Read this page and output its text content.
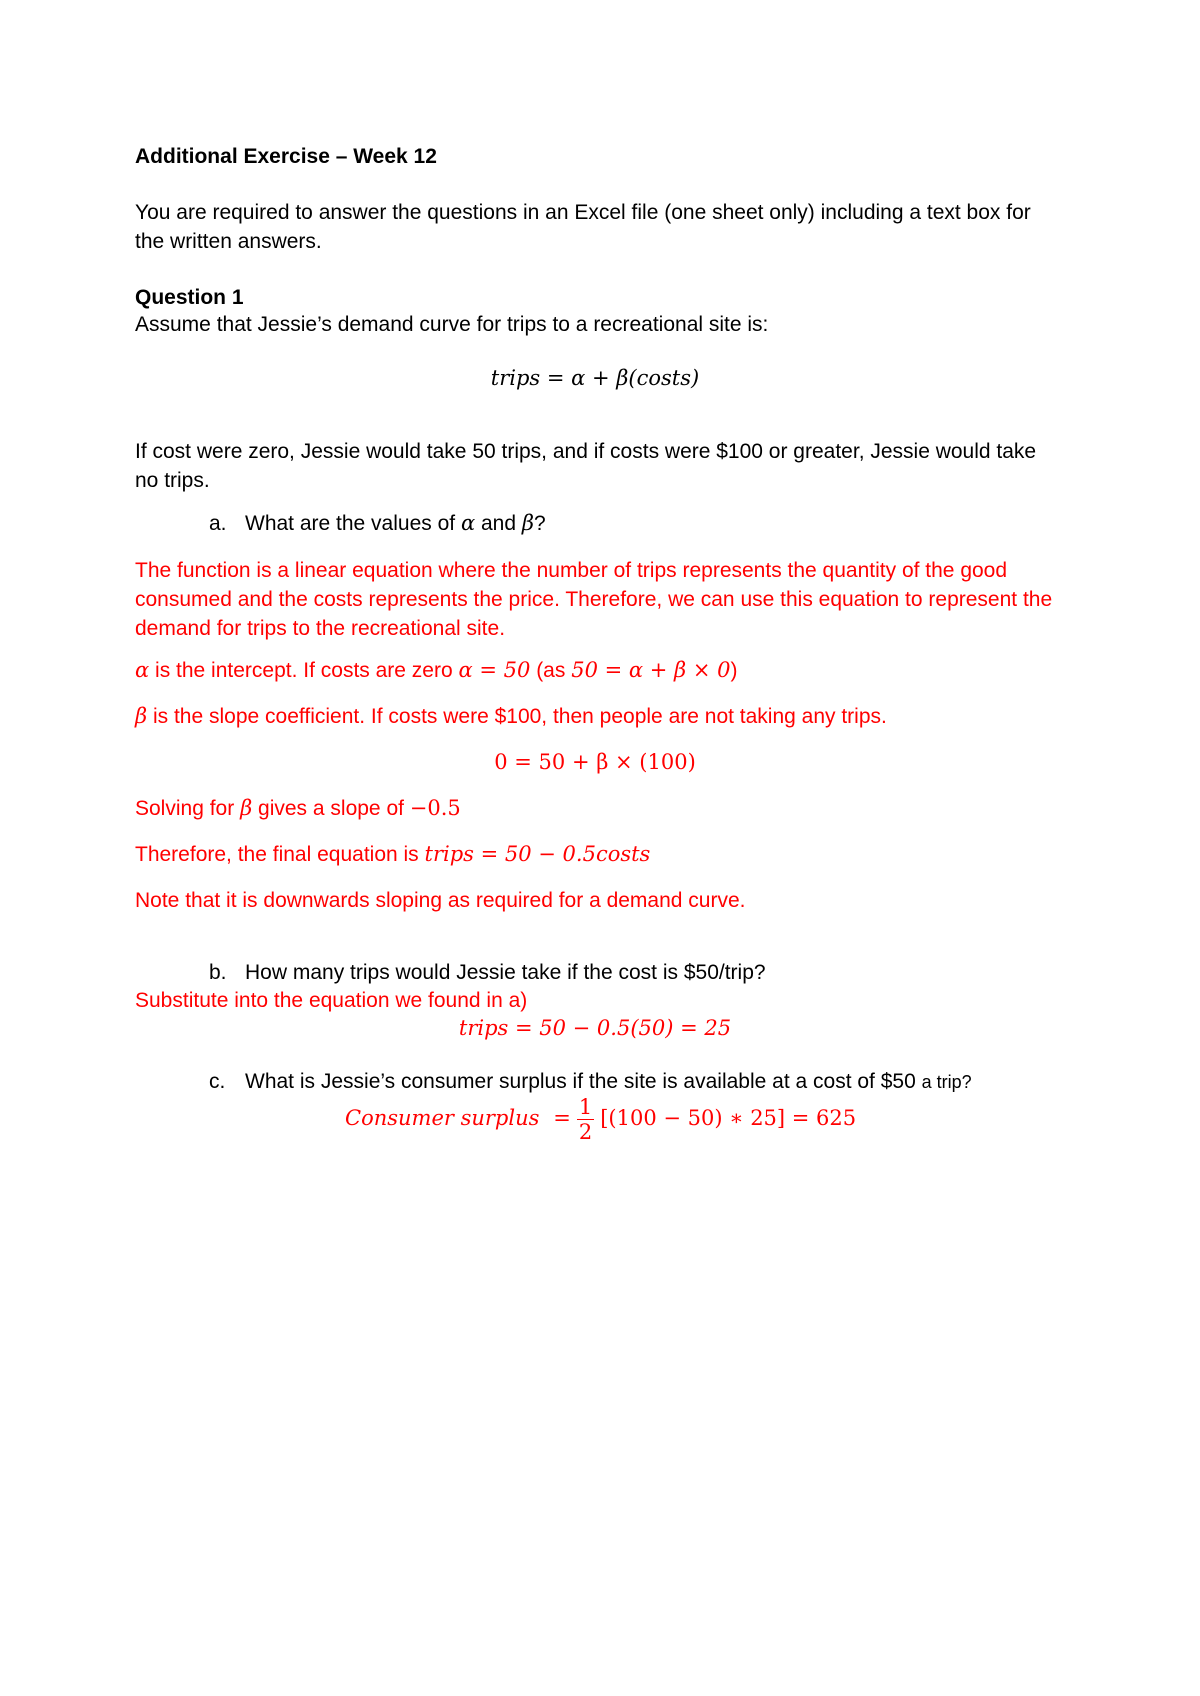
Additional Exercise – Week 12

You are required to answer the questions in an Excel file (one sheet only) including a text box for the written answers.

Question 1

Assume that Jessie’s demand curve for trips to a recreational site is:

trips = α + β(costs)

If cost were zero, Jessie would take 50 trips, and if costs were $100 or greater, Jessie would take no trips.

a. What are the values of α and β?

The function is a linear equation where the number of trips represents the quantity of the good consumed and the costs represents the price. Therefore, we can use this equation to represent the demand for trips to the recreational site.

α is the intercept. If costs are zero α = 50 (as 50 = α + β × 0)

β is the slope coefficient. If costs were $100, then people are not taking any trips.

0 = 50 + β × (100)

Solving for β gives a slope of −0.5

Therefore, the final equation is trips = 50 − 0.5costs

Note that it is downwards sloping as required for a demand curve.

b. How many trips would Jessie take if the cost is $50/trip?

Substitute into the equation we found in a)

trips = 50 − 0.5(50) = 25

c. What is Jessie’s consumer surplus if the site is available at a cost of $50 a trip?

Consumer surplus = $\frac{1}{2} [(100 - 50)$ ∗ 25] = 625
